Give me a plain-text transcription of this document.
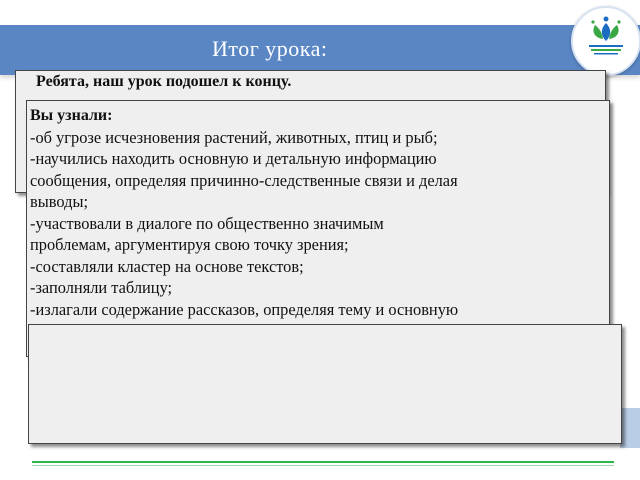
Итог урока:
Ребята, наш урок подошел к концу.
Вы узнали:
-об угрозе исчезновения растений, животных, птиц и рыб;
-научились находить основную и детальную информацию
сообщения, определяя причинно-следственные связи и делая
выводы;
-участвовали в диалоге по общественно значимым
проблемам, аргументируя свою точку зрения;
-составляли кластер на основе текстов;
-заполняли таблицу;
-излагали содержание рассказов, определяя тему и основную
